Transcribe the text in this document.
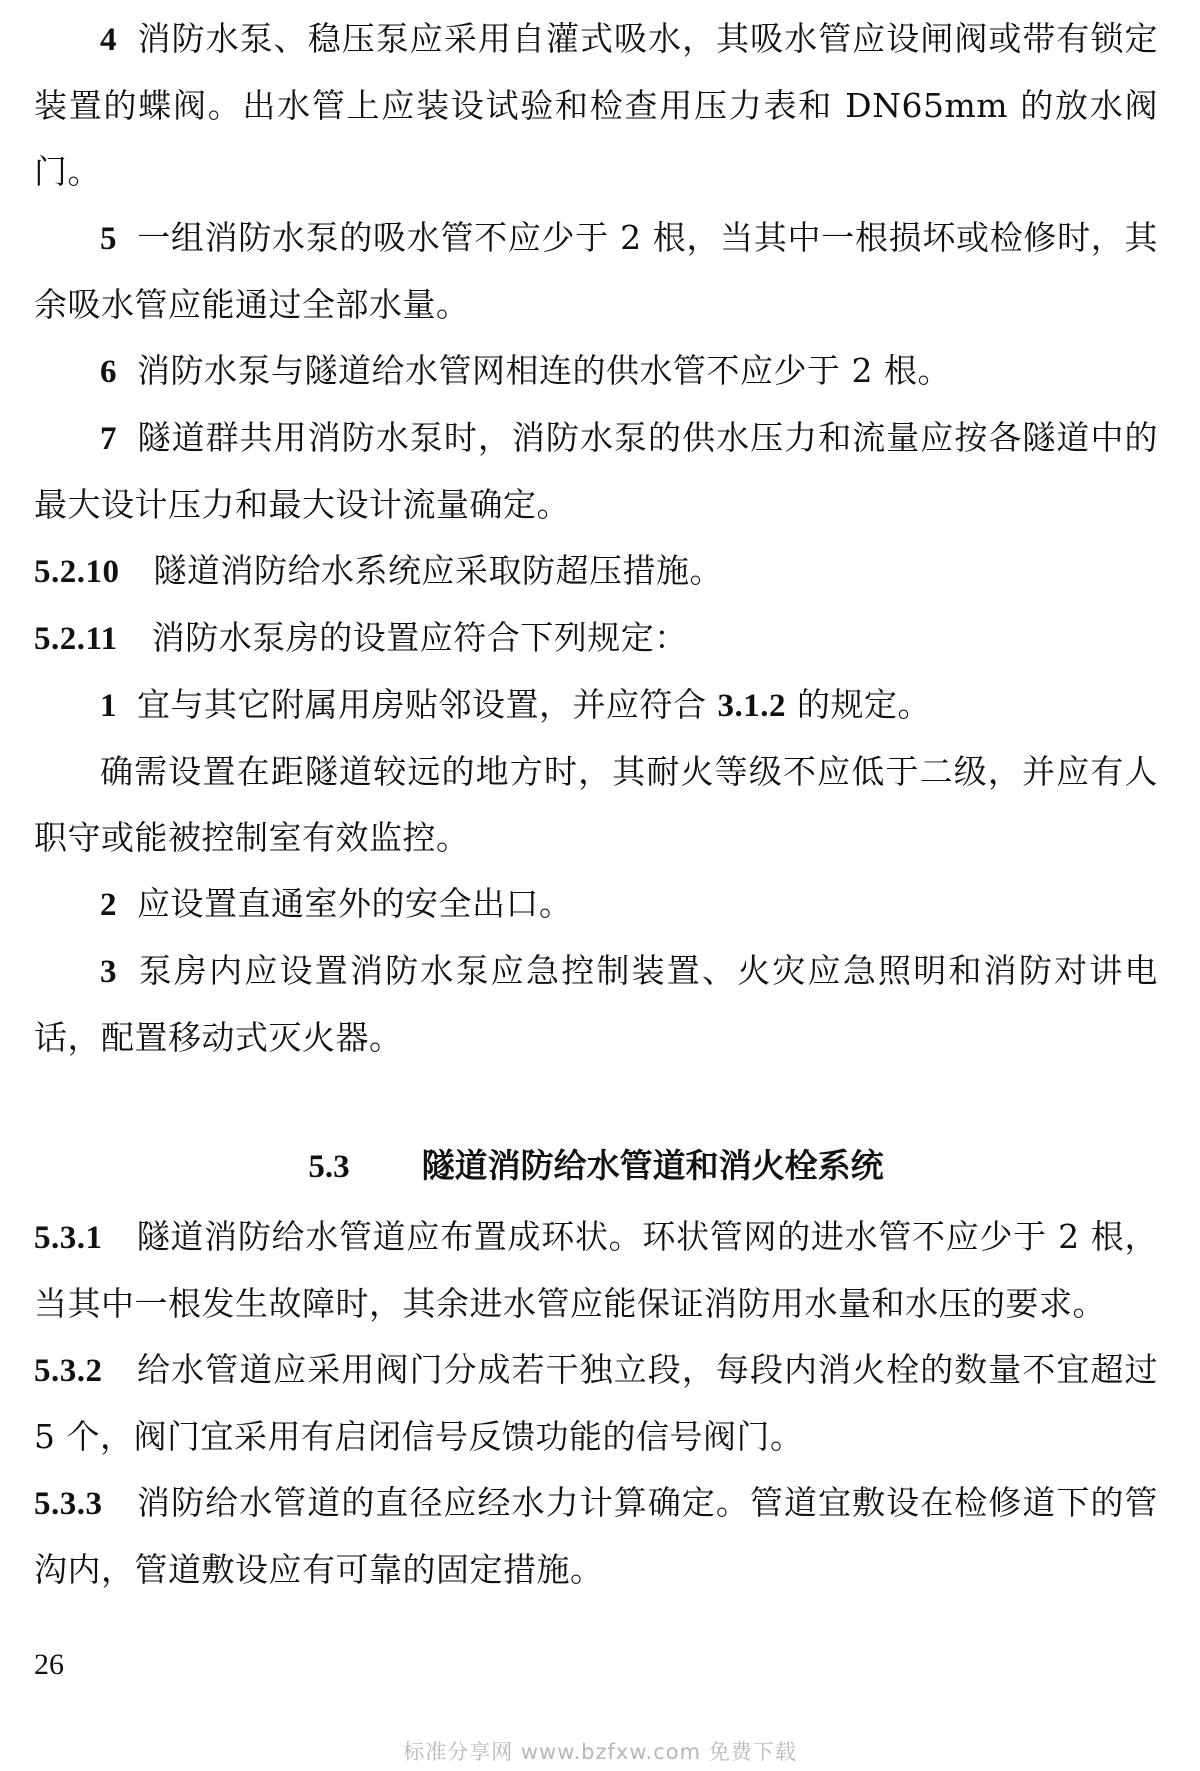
4 消防水泵、稳压泵应采用自灌式吸水，其吸水管应设闸阀或带有锁定装置的蝶阀。出水管上应装设试验和检查用压力表和 DN65mm 的放水阀门。

5 一组消防水泵的吸水管不应少于 2 根，当其中一根损坏或检修时，其余吸水管应能通过全部水量。

6 消防水泵与隧道给水管网相连的供水管不应少于 2 根。

7 隧道群共用消防水泵时，消防水泵的供水压力和流量应按各隧道中的最大设计压力和最大设计流量确定。

5.2.10 隧道消防给水系统应采取防超压措施。

5.2.11 消防水泵房的设置应符合下列规定：

1 宜与其它附属用房贴邻设置，并应符合 3.1.2 的规定。

确需设置在距隧道较远的地方时，其耐火等级不应低于二级，并应有人职守或能被控制室有效监控。

2 应设置直通室外的安全出口。

3 泵房内应设置消防水泵应急控制装置、火灾应急照明和消防对讲电话，配置移动式灭火器。

5.3 隧道消防给水管道和消火栓系统

5.3.1 隧道消防给水管道应布置成环状。环状管网的进水管不应少于 2 根，当其中一根发生故障时，其余进水管应能保证消防用水量和水压的要求。

5.3.2 给水管道应采用阀门分成若干独立段，每段内消火栓的数量不宜超过 5 个，阀门宜采用有启闭信号反馈功能的信号阀门。

5.3.3 消防给水管道的直径应经水力计算确定。管道宜敷设在检修道下的管沟内，管道敷设应有可靠的固定措施。

26
标准分享网 www.bzfxw.com 免费下载
